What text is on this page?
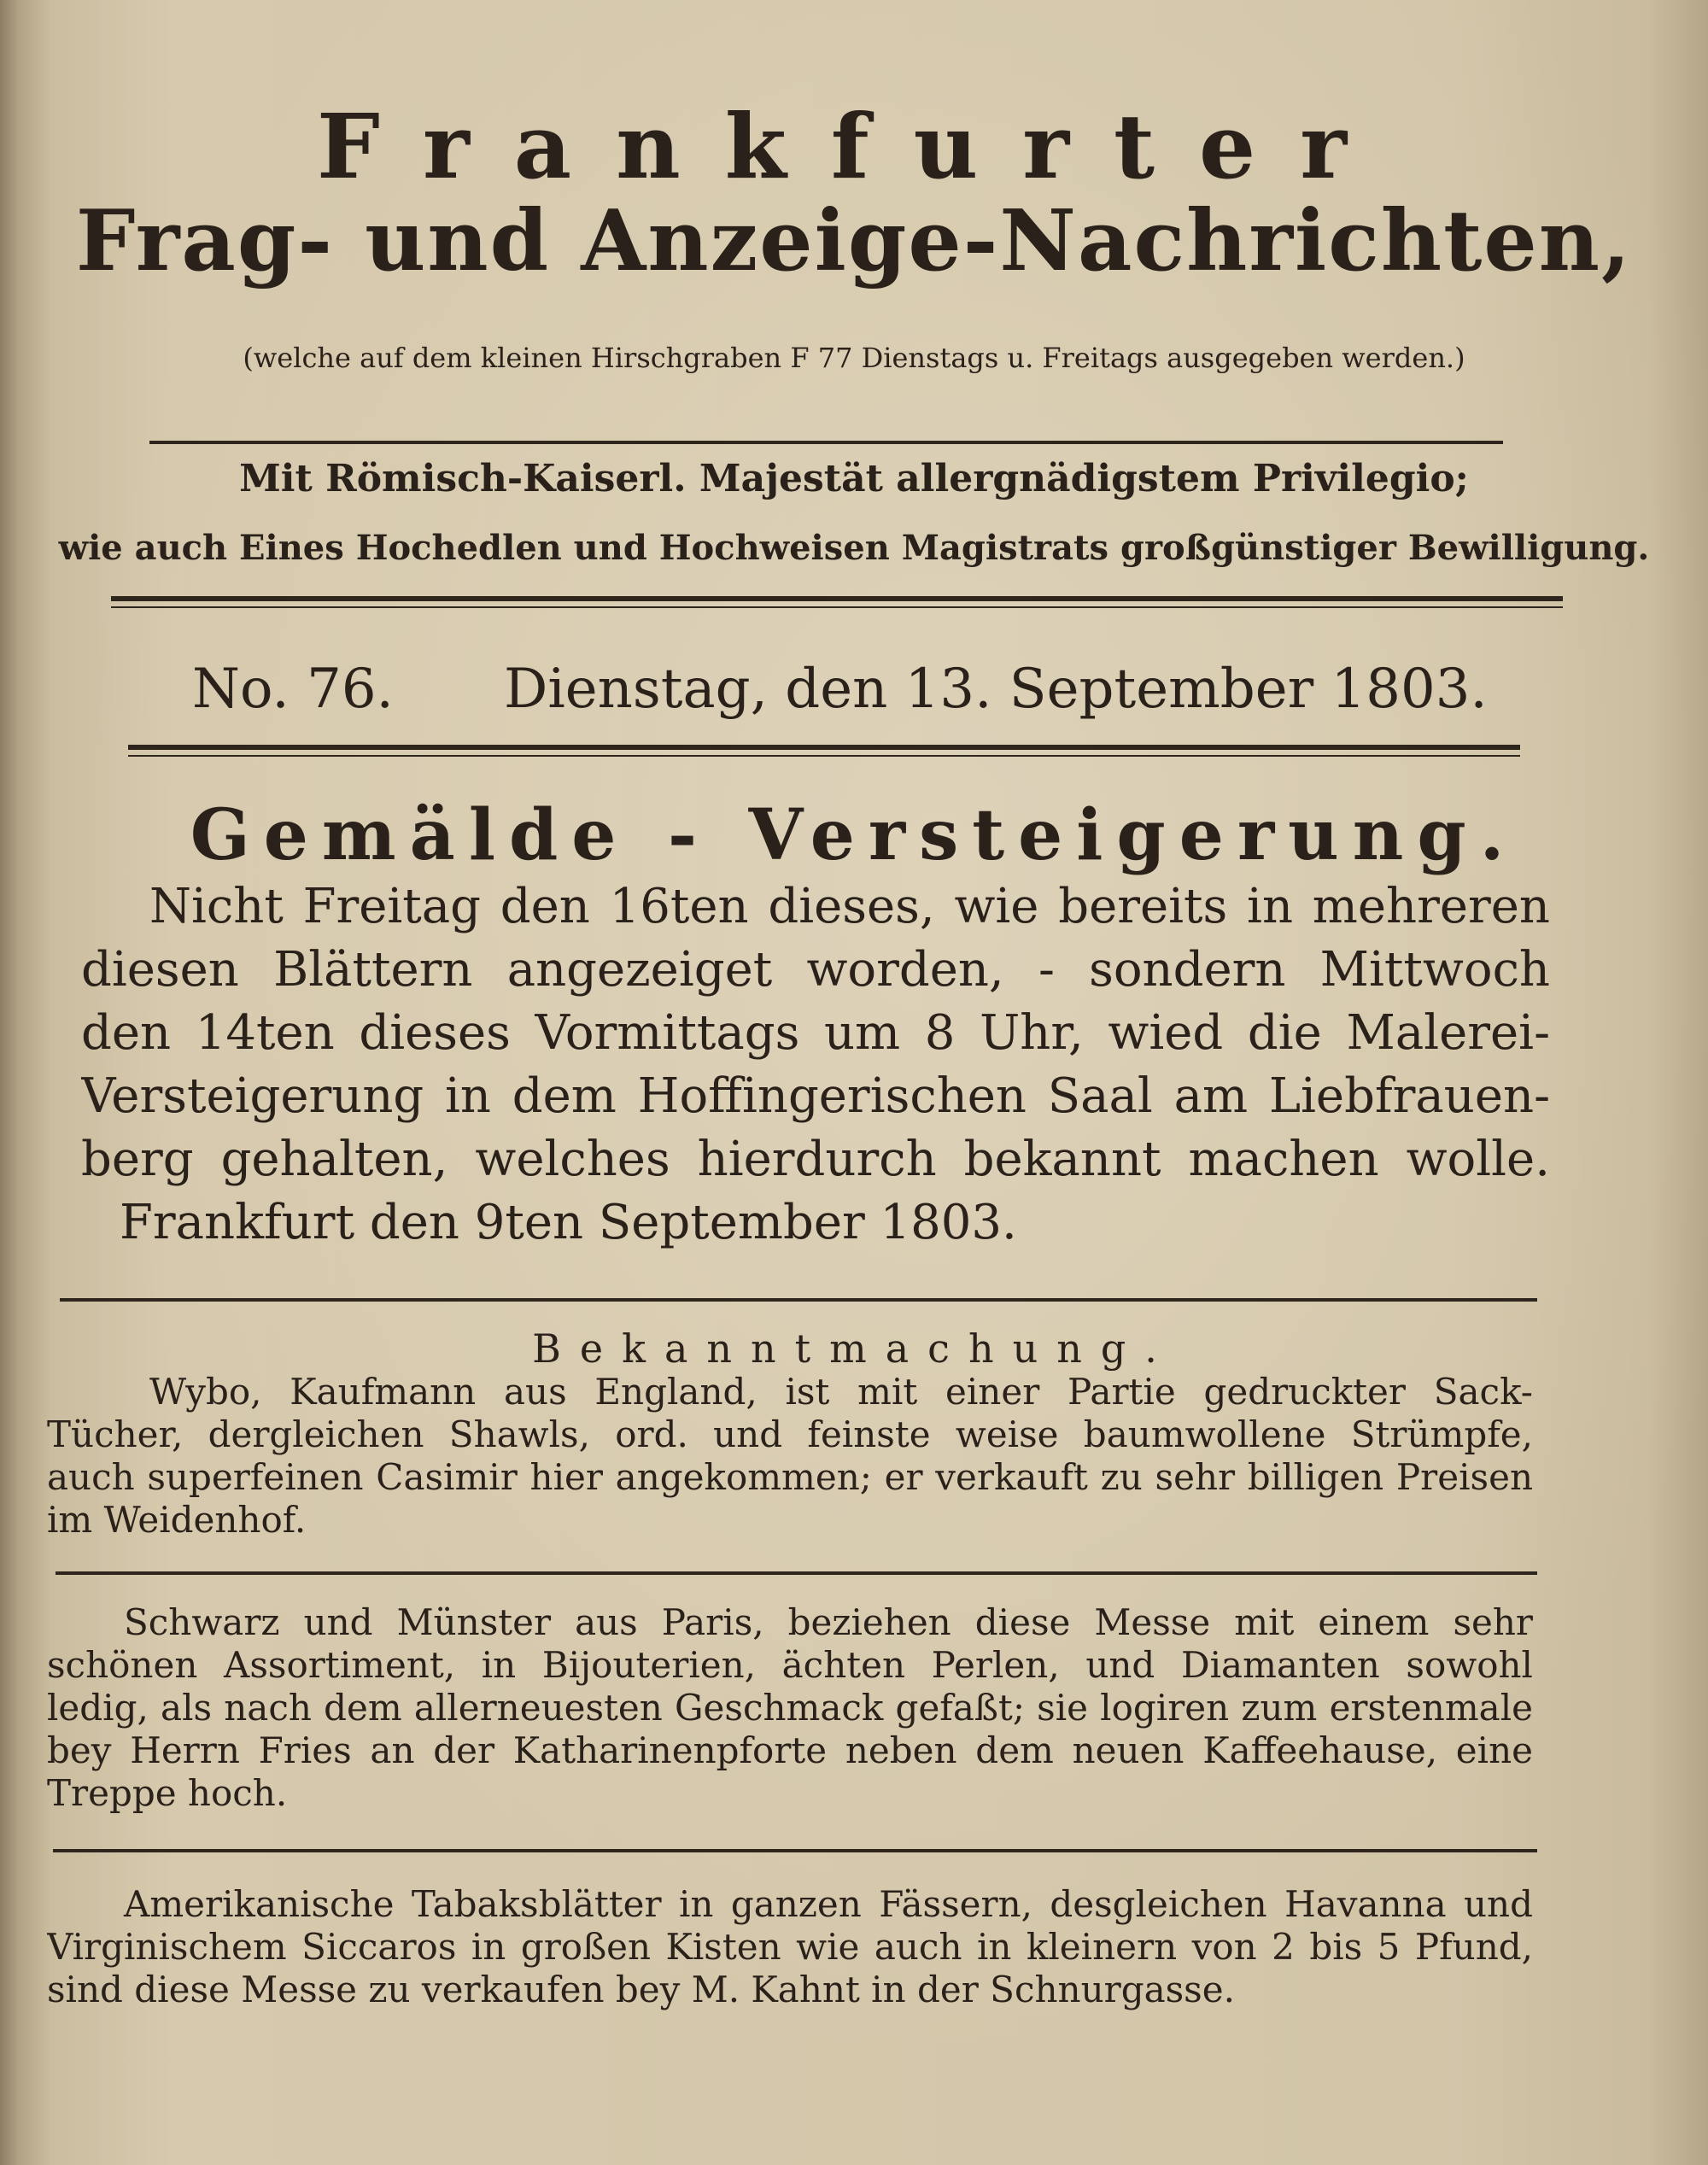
Frankfurter
Frag- und Anzeige-Nachrichten,
(welche auf dem kleinen Hirschgraben F 77 Dienstags u. Freitags ausgegeben werden.)
Mit Römisch-Kaiserl. Majestät allergnädigstem Privilegio;
wie auch Eines Hochedlen und Hochweisen Magistrats großgünstiger Bewilligung.
No. 76. Dienstag, den 13. September 1803.
Gemälde - Versteigerung.
Nicht Freitag den 16ten dieses, wie bereits in mehreren
diesen Blättern angezeiget worden, - sondern Mittwoch
den 14ten dieses Vormittags um 8 Uhr, wied die Malerei-
Versteigerung in dem Hoffingerischen Saal am Liebfrauen-
berg gehalten, welches hierdurch bekannt machen wolle.
Frankfurt den 9ten September 1803.
Bekanntmachung.
Wybo, Kaufmann aus England, ist mit einer Partie gedruckter Sack-
Tücher, dergleichen Shawls, ord. und feinste weise baumwollene Strümpfe,
auch superfeinen Casimir hier angekommen; er verkauft zu sehr billigen Preisen
im Weidenhof.
Schwarz und Münster aus Paris, beziehen diese Messe mit einem sehr
schönen Assortiment, in Bijouterien, ächten Perlen, und Diamanten sowohl
ledig, als nach dem allerneuesten Geschmack gefaßt; sie logiren zum erstenmale
bey Herrn Fries an der Katharinenpforte neben dem neuen Kaffeehause, eine
Treppe hoch.
Amerikanische Tabaksblätter in ganzen Fässern, desgleichen Havanna und
Virginischem Siccaros in großen Kisten wie auch in kleinern von 2 bis 5 Pfund,
sind diese Messe zu verkaufen bey M. Kahnt in der Schnurgasse.
